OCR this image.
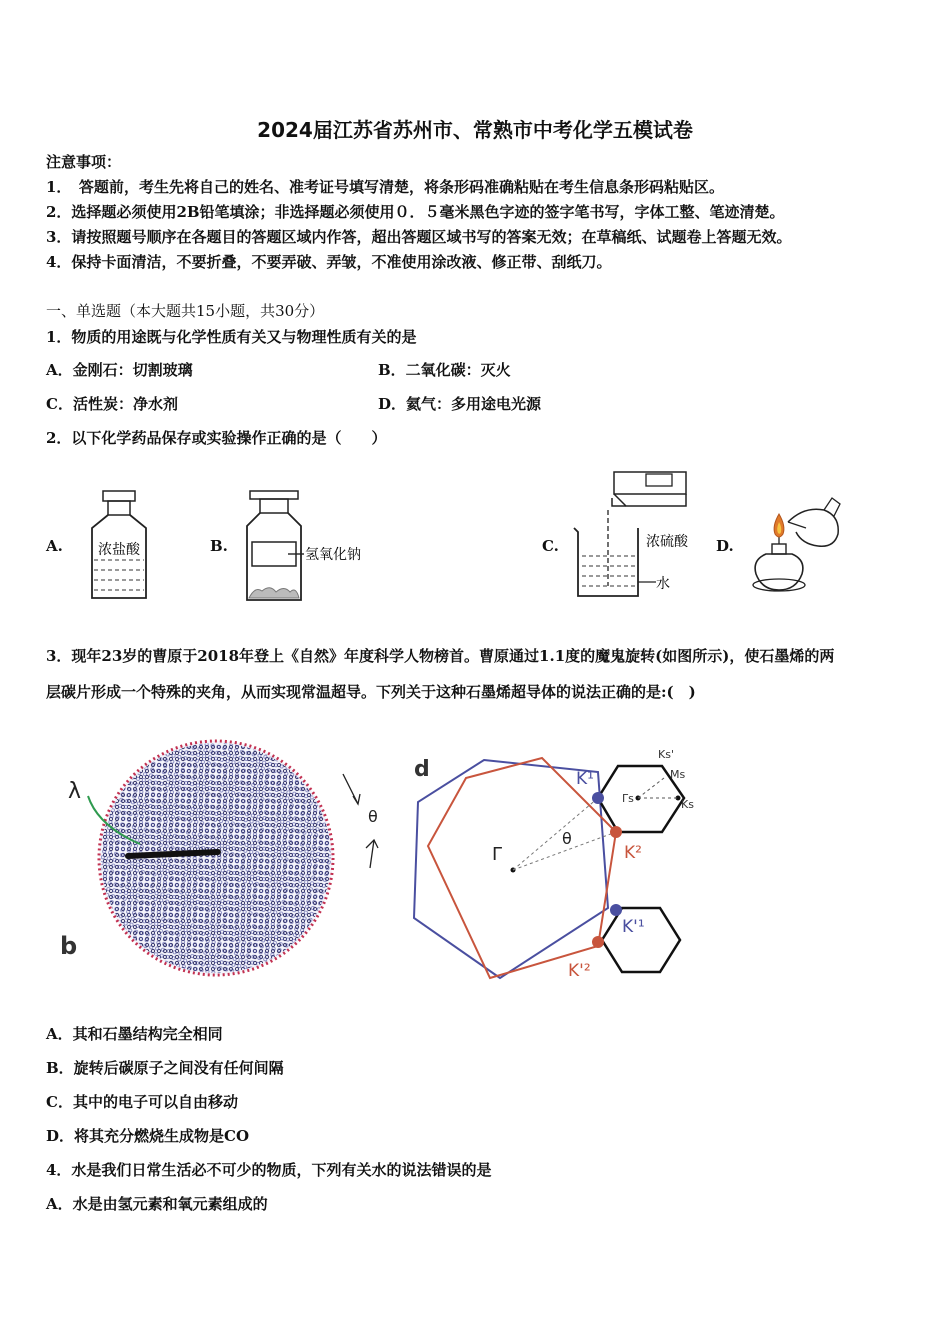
2024届江苏省苏州市、常熟市中考化学五模试卷
注意事项：
1．　答题前，考生先将自己的姓名、准考证号填写清楚，将条形码准确粘贴在考生信息条形码粘贴区。
2．选择题必须使用2B铅笔填涂；非选择题必须使用０．５毫米黑色字迹的签字笔书写，字体工整、笔迹清楚。
3．请按照题号顺序在各题目的答题区域内作答，超出答题区域书写的答案无效；在草稿纸、试题卷上答题无效。
4．保持卡面清洁，不要折叠，不要弄破、弄皱，不准使用涂改液、修正带、刮纸刀。
一、单选题（本大题共15小题，共30分）
1．物质的用途既与化学性质有关又与物理性质有关的是
A．金刚石：切割玻璃	B．二氧化碳：灭火
C．活性炭：净水剂	D．氦气：多用途电光源
2．以下化学药品保存或实验操作正确的是（　　）
A.	B.	C.	D.
浓盐酸	氢氧化钠
浓硫酸
水
3．现年23岁的曹原于2018年登上《自然》年度科学人物榜首。曹原通过1.1度的魔鬼旋转(如图所示)，使石墨烯的两
层碳片形成一个特殊的夹角，从而实现常温超导。下列关于这种石墨烯超导体的说法正确的是:(　)
λ
θ
b
d
Γ
θ
K¹
K²
K'¹
K'²
Γs	Ks
Ms
Ks'
A．其和石墨结构完全相同
B．旋转后碳原子之间没有任何间隔
C．其中的电子可以自由移动
D．将其充分燃烧生成物是CO
4．水是我们日常生活必不可少的物质，下列有关水的说法错误的是
A．水是由氢元素和氧元素组成的
